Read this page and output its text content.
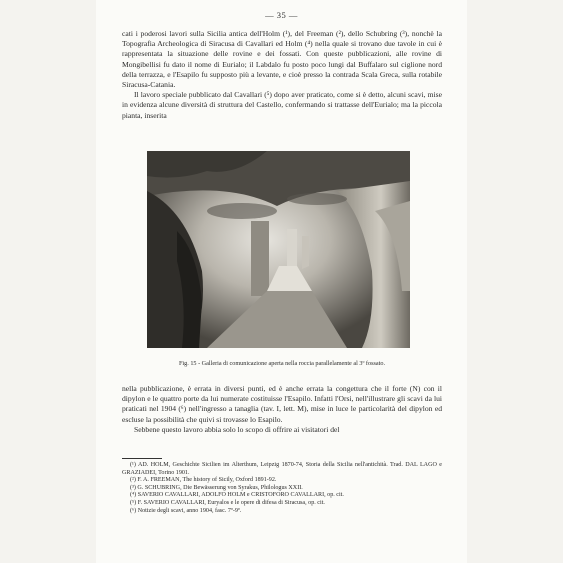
— 35 —

cati i poderosi lavori sulla Sicilia antica dell'Holm (¹), del Freeman (²), dello Schubring (³), nonchè la Topografia Archeologica di Siracusa di Cavallari ed Holm (⁴) nella quale si trovano due tavole in cui è rappresentata la situazione delle rovine e dei fossati. Con queste pubblicazioni, alle rovine di Mongibellisi fu dato il nome di Eurialo; il Labdalo fu posto poco lungi dal Buffalaro sul ciglione nord della terrazza, e l'Esapilo fu supposto più a levante, e cioè presso la contrada Scala Greca, sulla rotabile Siracusa-Catania.

Il lavoro speciale pubblicato dal Cavallari (⁵) dopo aver praticato, come si è detto, alcuni scavi, mise in evidenza alcune diversità di struttura del Castello, confermando si trattasse dell'Eurialo; ma la piccola pianta, inserita

Fig. 15 - Galleria di comunicazione aperta nella roccia parallelamente al 3º fossato.

nella pubblicazione, è errata in diversi punti, ed è anche errata la congettura che il forte (N) con il dipylon e le quattro porte da lui numerate costituisse l'Esapilo. Infatti l'Orsi, nell'illustrare gli scavi da lui praticati nel 1904 (⁶) nell'ingresso a tanaglia (tav. I, lett. M), mise in luce le particolarità del dipylon ed escluse la possibilità che quivi si trovasse lo Esapilo.

Sebbene questo lavoro abbia solo lo scopo di offrire ai visitatori del

(¹) AD. HOLM, Geschichte Sicilien im Alterthum, Leipzig 1870-74, Storia della Sicilia nell'antichità. Trad. DAL LAGO e GRAZIADEI, Torino 1901.

(²) F. A. FREEMAN, The history of Sicily, Oxford 1891-92.

(³) G. SCHUBRING, Die Bewässerung von Syrakus, Philologus XXII.

(⁴) SAVERIO CAVALLARI, ADOLFO HOLM e CRISTOFORO CAVALLARI, op. cit.

(⁵) F. SAVERIO CAVALLARI, Euryalos e le opere di difesa di Siracusa, op. cit.

(⁶) Notizie degli scavi, anno 1904, fasc. 7º-9º.
